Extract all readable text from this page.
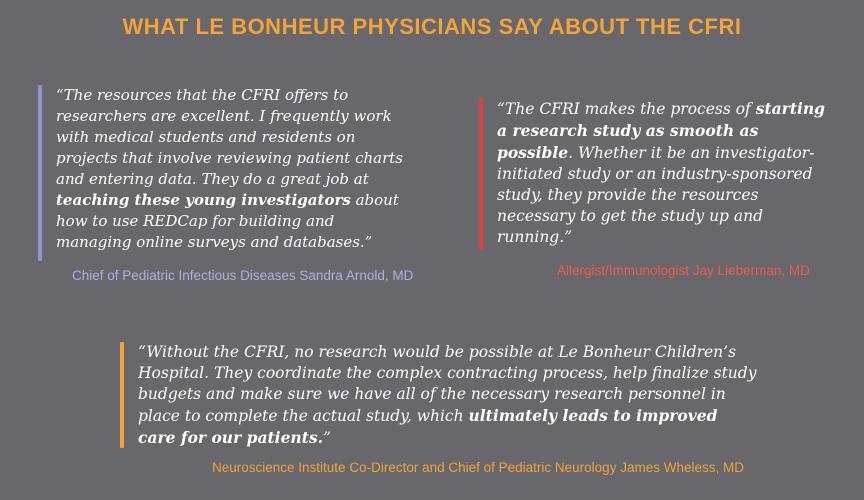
WHAT LE BONHEUR PHYSICIANS SAY ABOUT THE CFRI
“The resources that the CFRI offers to researchers are excellent. I frequently work with medical students and residents on projects that involve reviewing patient charts and entering data. They do a great job at teaching these young investigators about how to use REDCap for building and managing online surveys and databases.”
Chief of Pediatric Infectious Diseases Sandra Arnold, MD
“The CFRI makes the process of starting a research study as smooth as possible. Whether it be an investigator-initiated study or an industry-sponsored study, they provide the resources necessary to get the study up and running.”
Allergist/Immunologist Jay Lieberman, MD
“Without the CFRI, no research would be possible at Le Bonheur Children’s Hospital. They coordinate the complex contracting process, help finalize study budgets and make sure we have all of the necessary research personnel in place to complete the actual study, which ultimately leads to improved care for our patients.”
Neuroscience Institute Co-Director and Chief of Pediatric Neurology James Wheless, MD
